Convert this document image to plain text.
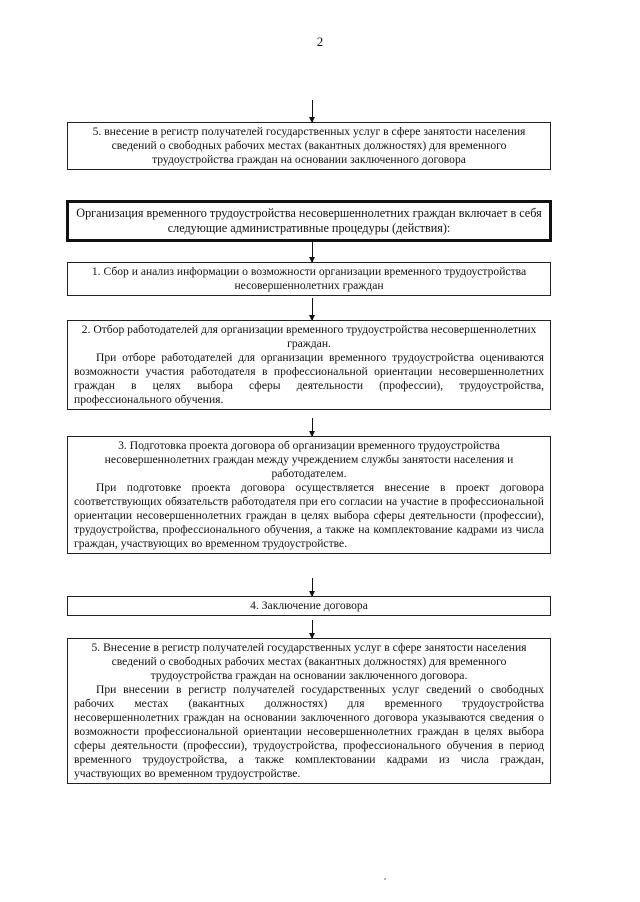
2
5. внесение в регистр получателей государственных услуг в сфере занятости населения сведений о свободных рабочих местах (вакантных должностях) для временного трудоустройства граждан на основании заключенного договора
Организация временного трудоустройства несовершеннолетних граждан включает в себя следующие административные процедуры (действия):
1. Сбор и анализ информации о возможности организации временного трудоустройства несовершеннолетних граждан
2. Отбор работодателей для организации временного трудоустройства несовершеннолетних граждан.
При отборе работодателей для организации временного трудоустройства оцениваются возможности участия работодателя в профессиональной ориентации несовершеннолетних граждан в целях выбора сферы деятельности (профессии), трудоустройства, профессионального обучения.
3. Подготовка проекта договора об организации временного трудоустройства несовершеннолетних граждан между учреждением службы занятости населения и работодателем.
При подготовке проекта договора осуществляется внесение в проект договора соответствующих обязательств работодателя при его согласии на участие в профессиональной ориентации несовершеннолетних граждан в целях выбора сферы деятельности (профессии), трудоустройства, профессионального обучения, а также на комплектование кадрами из числа граждан, участвующих во временном трудоустройстве.
4. Заключение договора
5. Внесение в регистр получателей государственных услуг в сфере занятости населения сведений о свободных рабочих местах (вакантных должностях) для временного трудоустройства граждан на основании заключенного договора.
При внесении в регистр получателей государственных услуг сведений о свободных рабочих местах (вакантных должностях) для временного трудоустройства несовершеннолетних граждан на основании заключенного договора указываются сведения о возможности профессиональной ориентации несовершеннолетних граждан в целях выбора сферы деятельности (профессии), трудоустройства, профессионального обучения в период временного трудоустройства, а также комплектовании кадрами из числа граждан, участвующих во временном трудоустройстве.
